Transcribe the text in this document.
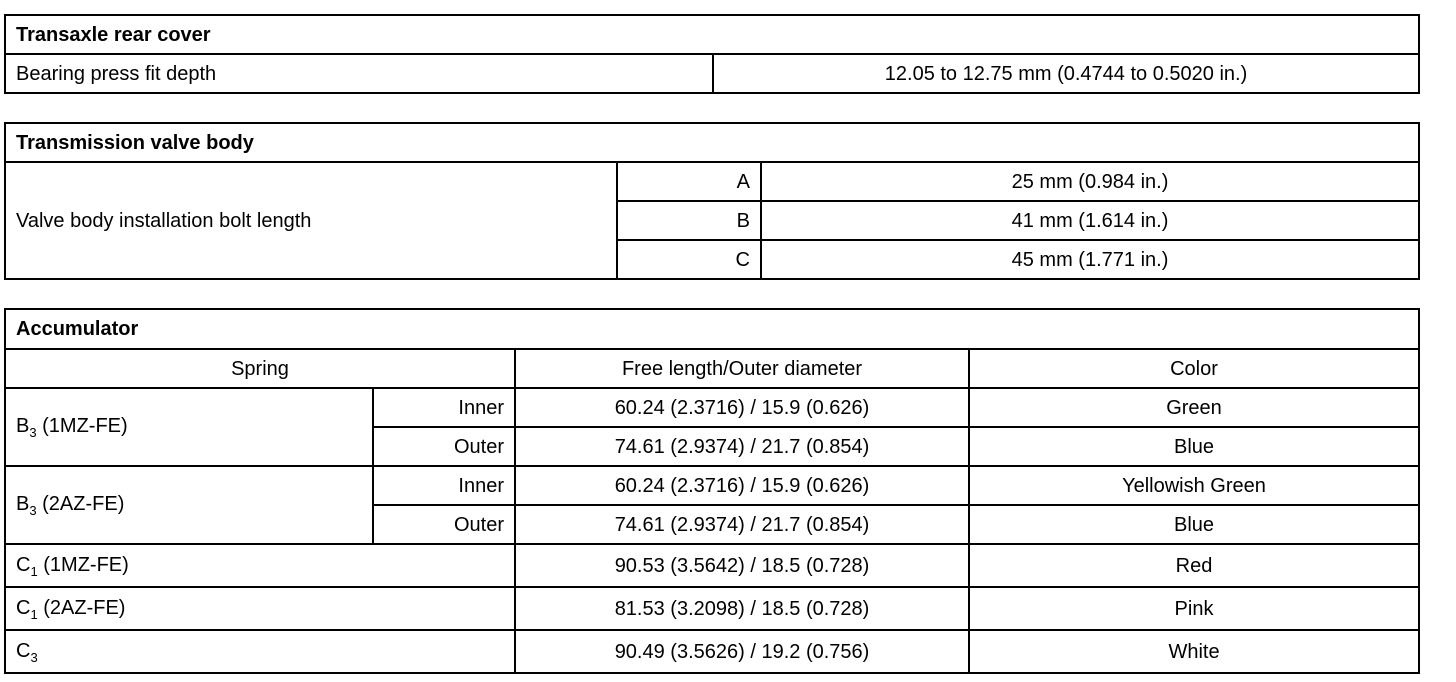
Transaxle rear cover
Bearing press fit depth	12.05 to 12.75 mm (0.4744 to 0.5020 in.)
Transmission valve body		
Valve body installation bolt length	A	25 mm (0.984 in.)
	B	41 mm (1.614 in.)
	C	45 mm (1.771 in.)
Accumulator			
Spring		Free length/Outer diameter	Color
$B_3$ (1MZ-FE)	Inner	60.24 (2.3716) / 15.9 (0.626)	Green
	Outer	74.61 (2.9374) / 21.7 (0.854)	Blue
$B_3$ (2AZ-FE)	Inner	60.24 (2.3716) / 15.9 (0.626)	Yellowish Green
	Outer	74.61 (2.9374) / 21.7 (0.854)	Blue
$C_1$ (1MZ-FE)		90.53 (3.5642) / 18.5 (0.728)	Red
$C_1$ (2AZ-FE)		81.53 (3.2098) / 18.5 (0.728)	Pink
$C_3$		90.49 (3.5626) / 19.2 (0.756)	White
